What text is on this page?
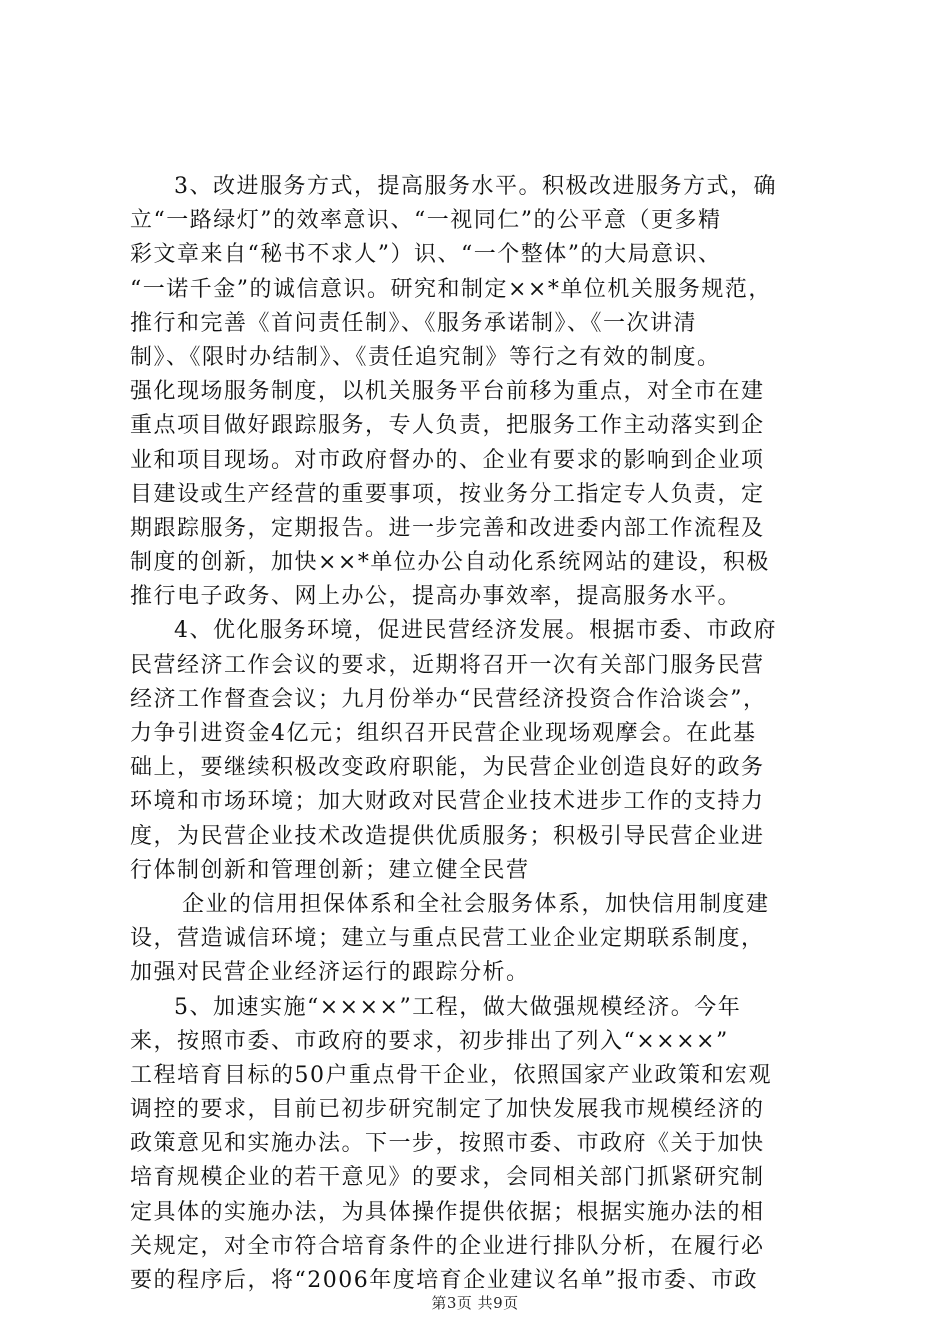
3、改进服务方式，提高服务水平。积极改进服务方式，确
立“一路绿灯”的效率意识、“一视同仁”的公平意（更多精
彩文章来自“秘书不求人”）识、“一个整体”的大局意识、
“一诺千金”的诚信意识。研究和制定××*单位机关服务规范，
推行和完善《首问责任制》、《服务承诺制》、《一次讲清
制》、《限时办结制》、《责任追究制》等行之有效的制度。
强化现场服务制度，以机关服务平台前移为重点，对全市在建
重点项目做好跟踪服务，专人负责，把服务工作主动落实到企
业和项目现场。对市政府督办的、企业有要求的影响到企业项
目建设或生产经营的重要事项，按业务分工指定专人负责，定
期跟踪服务，定期报告。进一步完善和改进委内部工作流程及
制度的创新，加快××*单位办公自动化系统网站的建设，积极
推行电子政务、网上办公，提高办事效率，提高服务水平。
4、优化服务环境，促进民营经济发展。根据市委、市政府
民营经济工作会议的要求，近期将召开一次有关部门服务民营
经济工作督查会议；九月份举办“民营经济投资合作洽谈会”，
力争引进资金4亿元；组织召开民营企业现场观摩会。在此基
础上，要继续积极改变政府职能，为民营企业创造良好的政务
环境和市场环境；加大财政对民营企业技术进步工作的支持力
度，为民营企业技术改造提供优质服务；积极引导民营企业进
行体制创新和管理创新；建立健全民营
企业的信用担保体系和全社会服务体系，加快信用制度建
设，营造诚信环境；建立与重点民营工业企业定期联系制度，
加强对民营企业经济运行的跟踪分析。
5、加速实施“××××”工程，做大做强规模经济。今年
来，按照市委、市政府的要求，初步排出了列入“××××”
工程培育目标的50户重点骨干企业，依照国家产业政策和宏观
调控的要求，目前已初步研究制定了加快发展我市规模经济的
政策意见和实施办法。下一步，按照市委、市政府《关于加快
培育规模企业的若干意见》的要求，会同相关部门抓紧研究制
定具体的实施办法，为具体操作提供依据；根据实施办法的相
关规定，对全市符合培育条件的企业进行排队分析，在履行必
要的程序后，将“2006年度培育企业建议名单”报市委、市政
第3页 共9页
